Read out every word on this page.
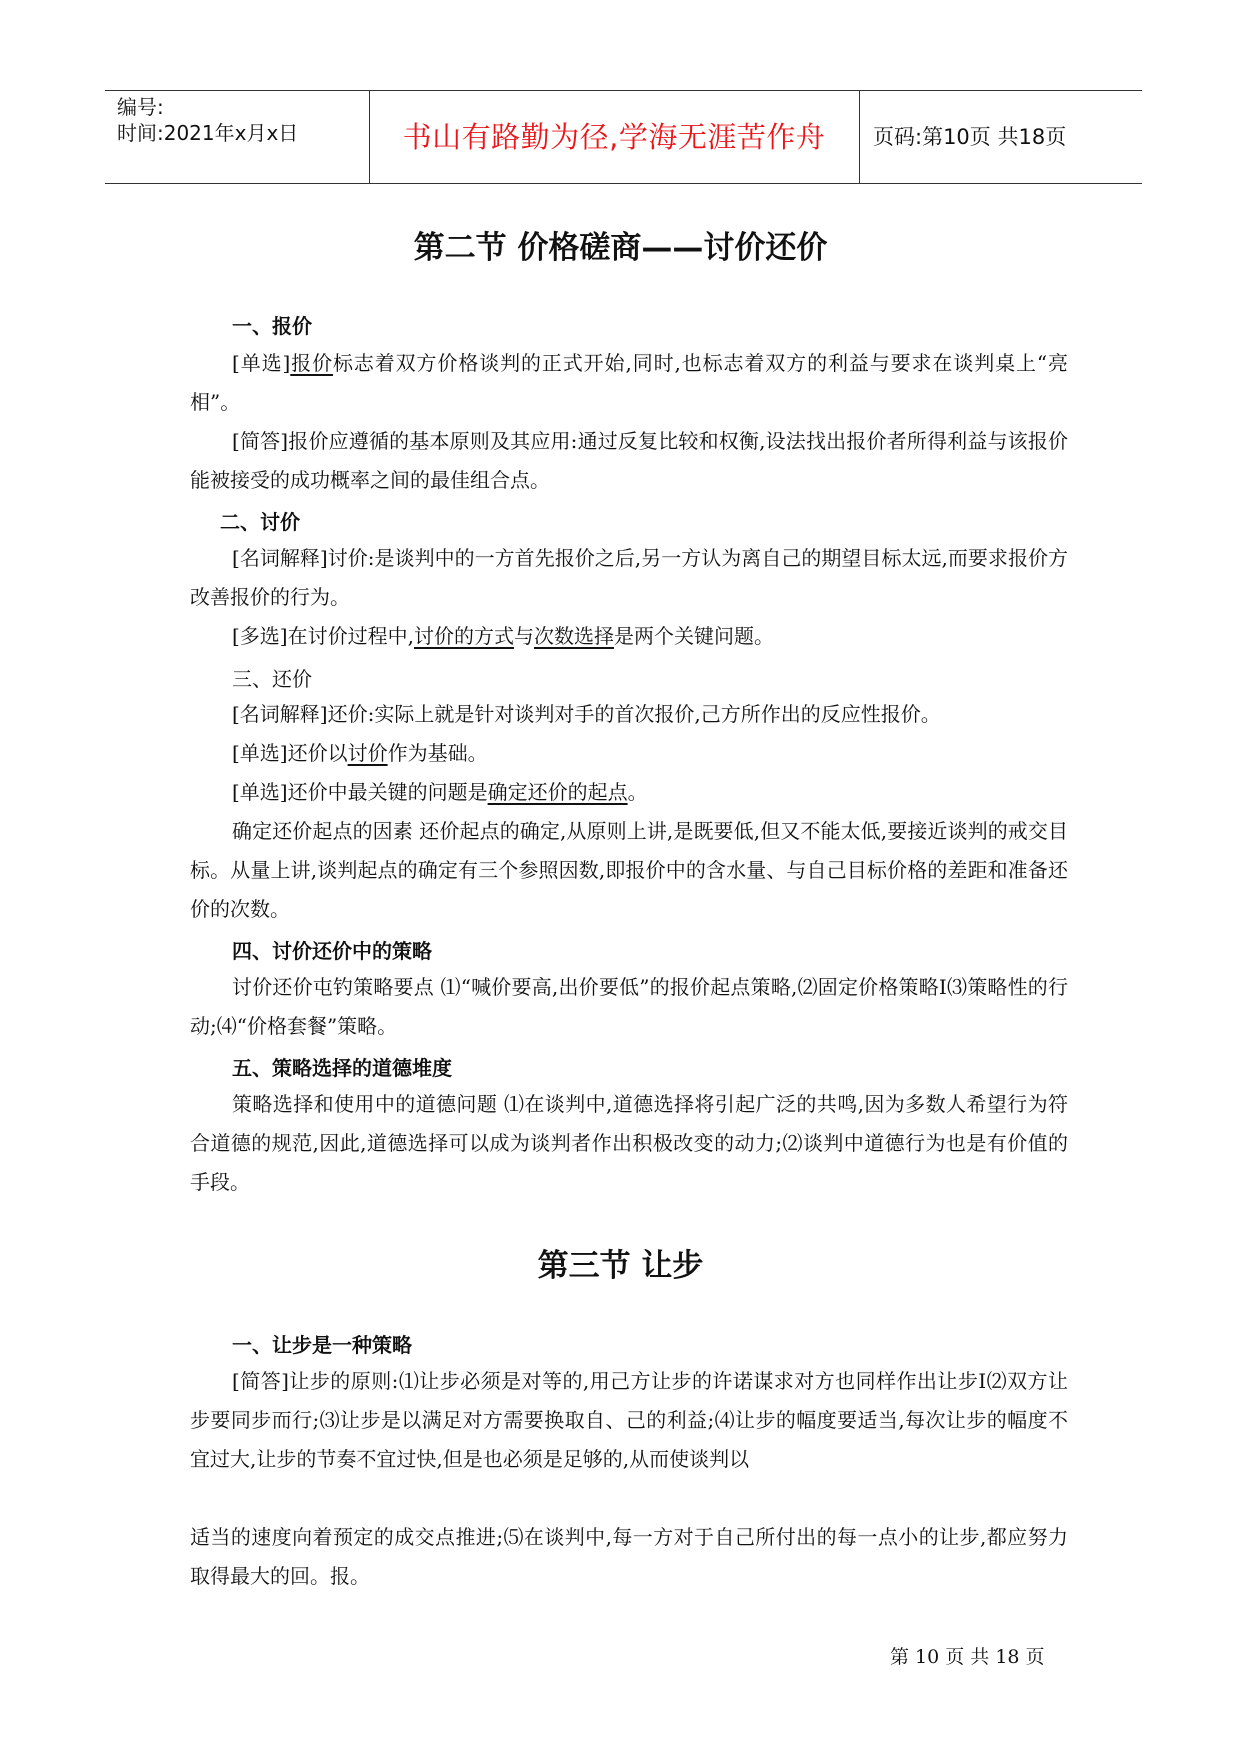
编号:
时间:2021年x月x日	书山有路勤为径,学海无涯苦作舟	页码:第10页 共18页
第二节 价格磋商——讨价还价
一、报价
[单选]报价标志着双方价格谈判的正式开始,同时,也标志着双方的利益与要求在谈判桌上“亮相”。
[简答]报价应遵循的基本原则及其应用:通过反复比较和权衡,设法找出报价者所得利益与该报价能被接受的成功概率之间的最佳组合点。
二、讨价
[名词解释]讨价:是谈判中的一方首先报价之后,另一方认为离自己的期望目标太远,而要求报价方改善报价的行为。
[多选]在讨价过程中,讨价的方式与次数选择是两个关键问题。
三、还价
[名词解释]还价:实际上就是针对谈判对手的首次报价,己方所作出的反应性报价。
[单选]还价以讨价作为基础。
[单选]还价中最关键的问题是确定还价的起点。
确定还价起点的因素 还价起点的确定,从原则上讲,是既要低,但又不能太低,要接近谈判的戒交目标。从量上讲,谈判起点的确定有三个参照因数,即报价中的含水量、与自己目标价格的差距和准备还价的次数。
四、讨价还价中的策略
讨价还价屯钓策略要点 ⑴“喊价要高,出价要低”的报价起点策略,⑵固定价格策略I⑶策略性的行动;⑷“价格套餐”策略。
五、策略选择的道德堆度
策略选择和使用中的道德问题 ⑴在谈判中,道德选择将引起广泛的共鸣,因为多数人希望行为符合道德的规范,因此,道德选择可以成为谈判者作出积极改变的动力;⑵谈判中道德行为也是有价值的手段。
第三节 让步
一、让步是一种策略
[简答]让步的原则:⑴让步必须是对等的,用己方让步的许诺谋求对方也同样作出让步I⑵双方让步要同步而行;⑶让步是以满足对方需要换取自、己的利益;⑷让步的幅度要适当,每次让步的幅度不宜过大,让步的节奏不宜过快,但是也必须是足够的,从而使谈判以
适当的速度向着预定的成交点推进;⑸在谈判中,每一方对于自己所付出的每一点小的让步,都应努力取得最大的回。报。
第 10 页 共 18 页
